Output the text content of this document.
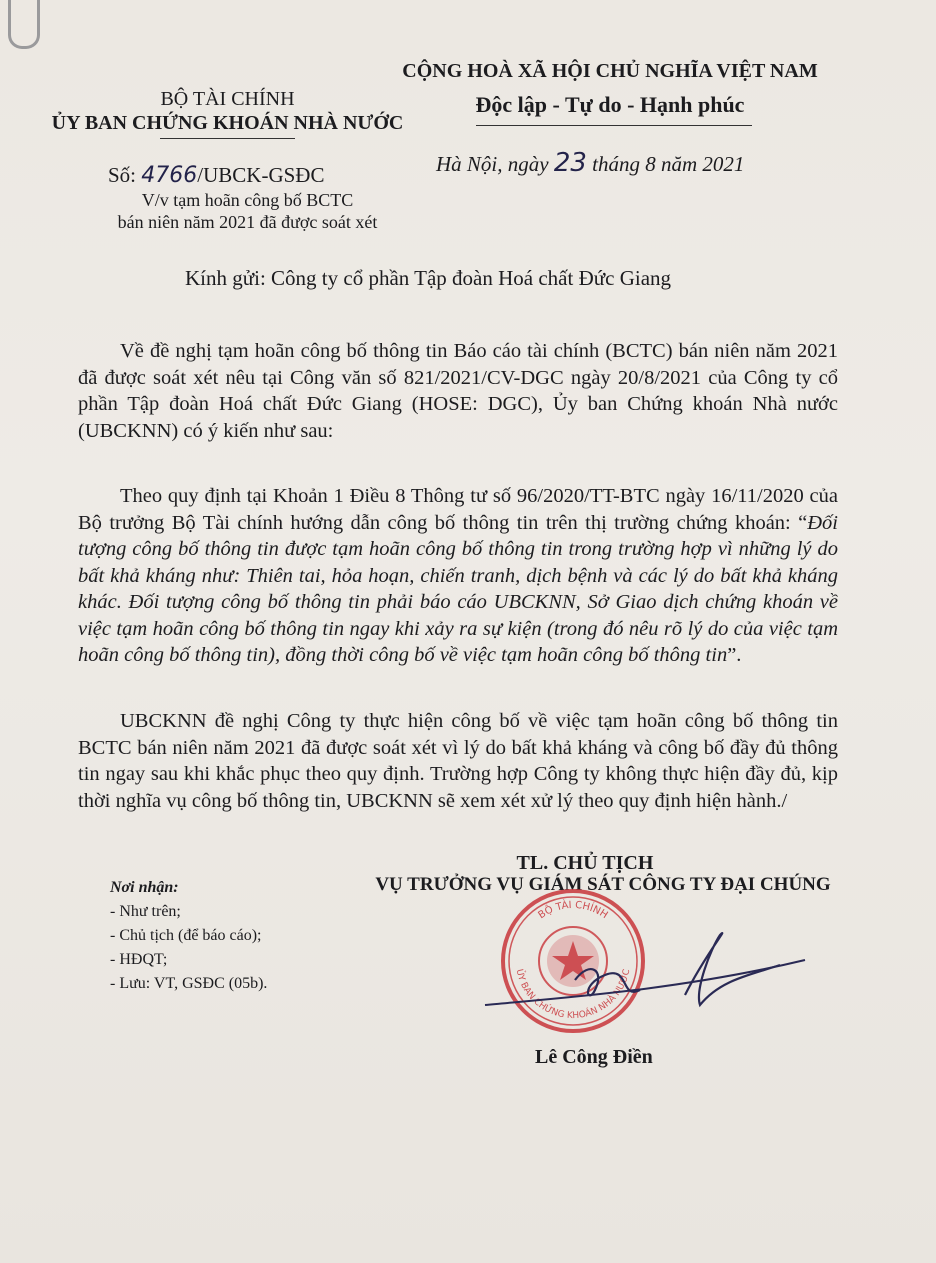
BỘ TÀI CHÍNH
ỦY BAN CHỨNG KHOÁN NHÀ NƯỚC
CỘNG HOÀ XÃ HỘI CHỦ NGHĨA VIỆT NAM
Độc lập - Tự do - Hạnh phúc
Số: 4766/UBCK-GSĐC	Hà Nội, ngày 23 tháng 8 năm 2021
V/v tạm hoãn công bố BCTC
bán niên năm 2021 đã được soát xét
Kính gửi: Công ty cổ phần Tập đoàn Hoá chất Đức Giang

Về đề nghị tạm hoãn công bố thông tin Báo cáo tài chính (BCTC) bán niên năm 2021 đã được soát xét nêu tại Công văn số 821/2021/CV-DGC ngày 20/8/2021 của Công ty cổ phần Tập đoàn Hoá chất Đức Giang (HOSE: DGC), Ủy ban Chứng khoán Nhà nước (UBCKNN) có ý kiến như sau:

Theo quy định tại Khoản 1 Điều 8 Thông tư số 96/2020/TT-BTC ngày 16/11/2020 của Bộ trưởng Bộ Tài chính hướng dẫn công bố thông tin trên thị trường chứng khoán: “Đối tượng công bố thông tin được tạm hoãn công bố thông tin trong trường hợp vì những lý do bất khả kháng như: Thiên tai, hỏa hoạn, chiến tranh, dịch bệnh và các lý do bất khả kháng khác. Đối tượng công bố thông tin phải báo cáo UBCKNN, Sở Giao dịch chứng khoán về việc tạm hoãn công bố thông tin ngay khi xảy ra sự kiện (trong đó nêu rõ lý do của việc tạm hoãn công bố thông tin), đồng thời công bố về việc tạm hoãn công bố thông tin”.

UBCKNN đề nghị Công ty thực hiện công bố về việc tạm hoãn công bố thông tin BCTC bán niên năm 2021 đã được soát xét vì lý do bất khả kháng và công bố đầy đủ thông tin ngay sau khi khắc phục theo quy định. Trường hợp Công ty không thực hiện đầy đủ, kịp thời nghĩa vụ công bố thông tin, UBCKNN sẽ xem xét xử lý theo quy định hiện hành./

TL. CHỦ TỊCH
VỤ TRƯỞNG VỤ GIÁM SÁT CÔNG TY ĐẠI CHÚNG
Nơi nhận:
- Như trên;
- Chủ tịch (để báo cáo);
- HĐQT;
- Lưu: VT, GSĐC (05b).
BỘ TÀI CHÍNH
ỦY BAN CHỨNG KHOÁN NHÀ NƯỚC
Lê Công Điền
